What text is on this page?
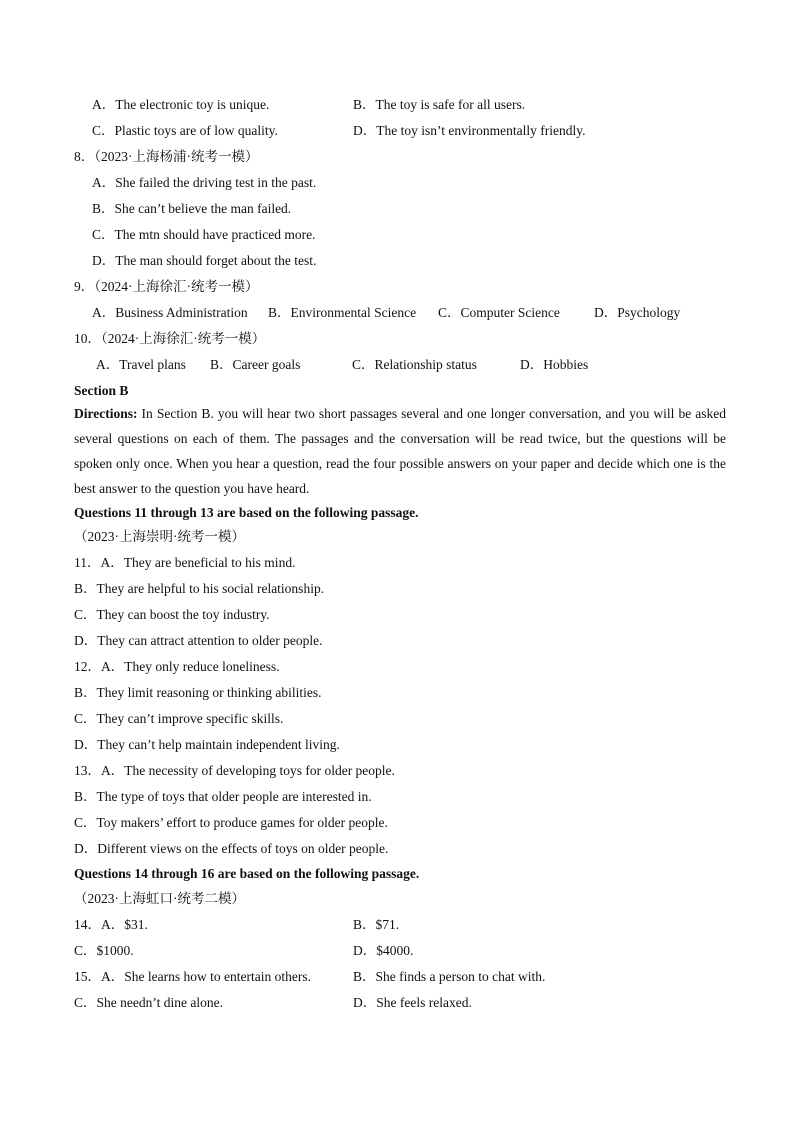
A．The electronic toy is unique.	B．The toy is safe for all users.
C．Plastic toys are of low quality.	D．The toy isn’t environmentally friendly.
8．（2023·上海杨浦·统考一模）
A．She failed the driving test in the past.
B．She can’t believe the man failed.
C．The mtn should have practiced more.
D．The man should forget about the test.
9．（2024·上海徐汇·统考一模）
A．Business Administration B．Environmental Science C．Computer Science	D．Psychology
10．（2024·上海徐汇·统考一模）
A．Travel plans B．Career goals	C．Relationship status	D．Hobbies
Section B
Directions: In Section B. you will hear two short passages several and one longer conversation, and you will be asked several questions on each of them. The passages and the conversation will be read twice, but the questions will be spoken only once. When you hear a question, read the four possible answers on your paper and decide which one is the best answer to the question you have heard.
Questions 11 through 13 are based on the following passage.
（2023·上海崇明·统考一模）
11．A．They are beneficial to his mind.
B．They are helpful to his social relationship.
C．They can boost the toy industry.
D．They can attract attention to older people.
12．A．They only reduce loneliness.
B．They limit reasoning or thinking abilities.
C．They can’t improve specific skills.
D．They can’t help maintain independent living.
13．A．The necessity of developing toys for older people.
B．The type of toys that older people are interested in.
C．Toy makers’ effort to produce games for older people.
D．Different views on the effects of toys on older people.
Questions 14 through 16 are based on the following passage.
（2023·上海虹口·统考二模）
14．A．$31.	B．$71.
C．$1000.	D．$4000.
15．A．She learns how to entertain others.	B．She finds a person to chat with.
C．She needn’t dine alone.	D．She feels relaxed.
